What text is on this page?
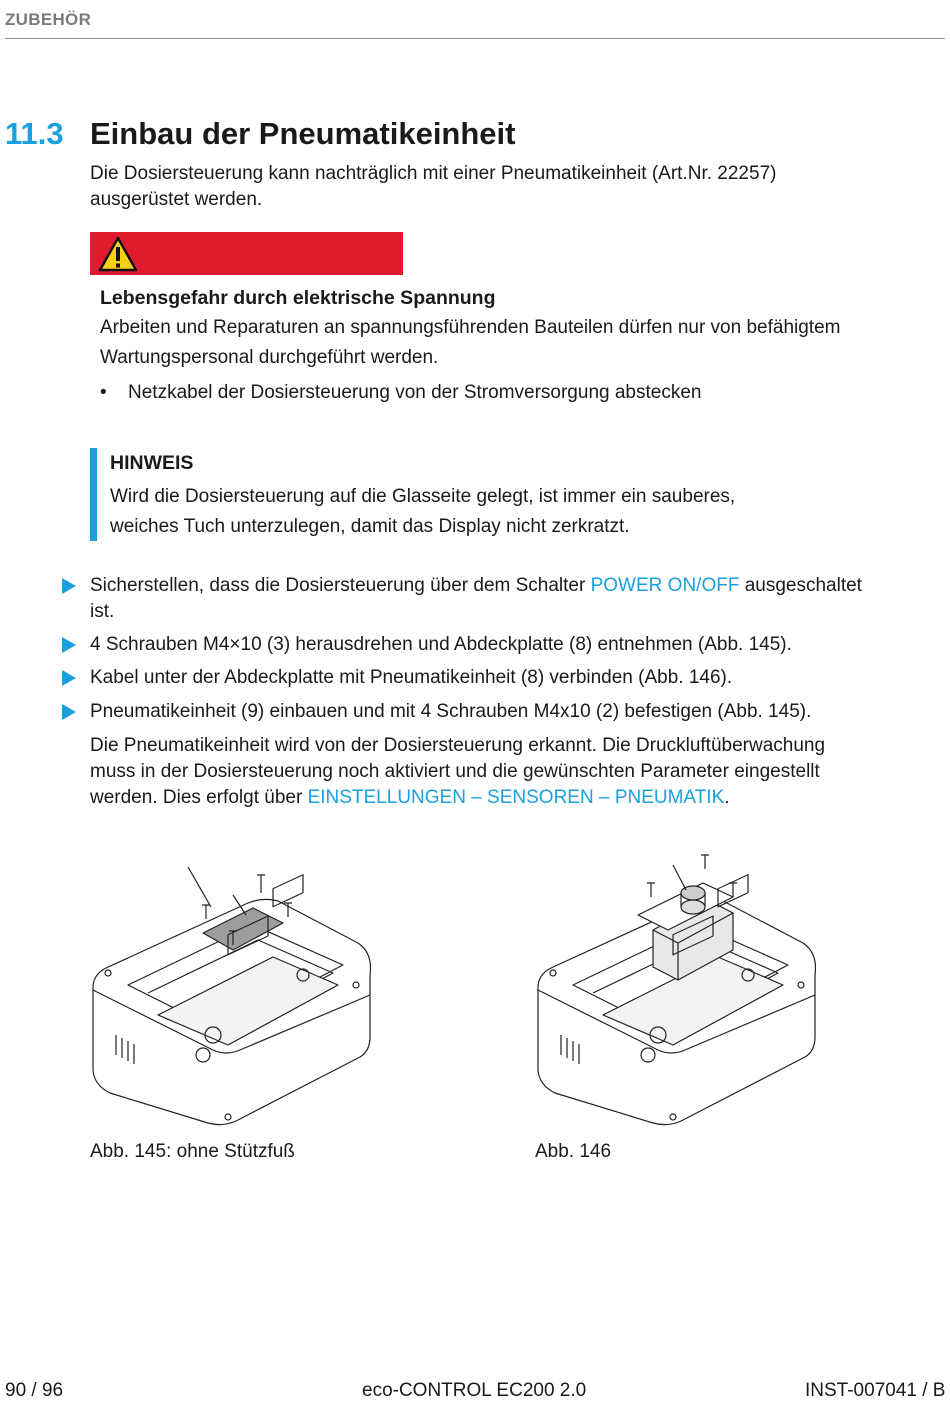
ZUBEHÖR
11.3 Einbau der Pneumatikeinheit
Die Dosiersteuerung kann nachträglich mit einer Pneumatikeinheit (Art.Nr. 22257)
ausgerüstet werden.
Lebensgefahr durch elektrische Spannung
Arbeiten und Reparaturen an spannungsführenden Bauteilen dürfen nur von befähigtem
Wartungspersonal durchgeführt werden.
• Netzkabel der Dosiersteuerung von der Stromversorgung abstecken
HINWEIS
Wird die Dosiersteuerung auf die Glasseite gelegt, ist immer ein sauberes,
weiches Tuch unterzulegen, damit das Display nicht zerkratzt.
Sicherstellen, dass die Dosiersteuerung über dem Schalter POWER ON/OFF ausgeschaltet
ist.
4 Schrauben M4×10 (3) herausdrehen und Abdeckplatte (8) entnehmen (Abb. 145).
Kabel unter der Abdeckplatte mit Pneumatikeinheit (8) verbinden (Abb. 146).
Pneumatikeinheit (9) einbauen und mit 4 Schrauben M4x10 (2) befestigen (Abb. 145).
Die Pneumatikeinheit wird von der Dosiersteuerung erkannt. Die Druckluftüberwachung
muss in der Dosiersteuerung noch aktiviert und die gewünschten Parameter eingestellt
werden. Dies erfolgt über EINSTELLUNGEN – SENSOREN – PNEUMATIK.
Abb. 145: ohne Stützfuß	Abb. 146
90 / 96	eco-CONTROL EC200 2.0	INST-007041 / B
